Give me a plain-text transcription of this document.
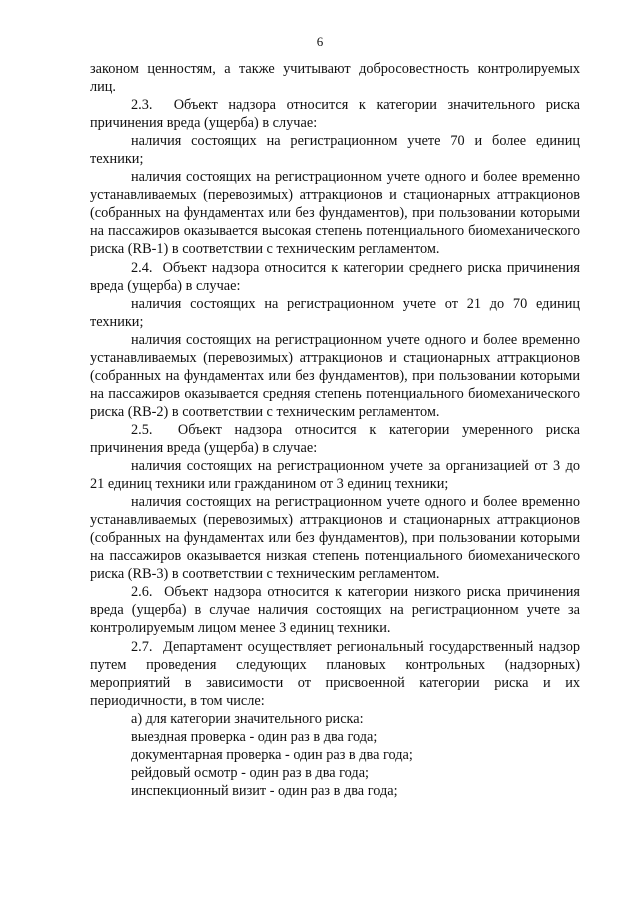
6

законом ценностям, а также учитывают добросовестность контролируемых лиц.

2.3.  Объект надзора относится к категории значительного риска причинения вреда (ущерба) в случае:

наличия состоящих на регистрационном учете 70 и более единиц техники;

наличия состоящих на регистрационном учете одного и более временно устанавливаемых (перевозимых) аттракционов и стационарных аттракционов (собранных на фундаментах или без фундаментов), при пользовании которыми на пассажиров оказывается высокая степень потенциального биомеханического риска (RB-1) в соответствии с техническим регламентом.

2.4.  Объект надзора относится к категории среднего риска причинения вреда (ущерба) в случае:

наличия состоящих на регистрационном учете от 21 до 70 единиц техники;

наличия состоящих на регистрационном учете одного и более временно устанавливаемых (перевозимых) аттракционов и стационарных аттракционов (собранных на фундаментах или без фундаментов), при пользовании которыми на пассажиров оказывается средняя степень потенциального биомеханического риска (RB-2) в соответствии с техническим регламентом.

2.5.  Объект надзора относится к категории умеренного риска причинения вреда (ущерба) в случае:

наличия состоящих на регистрационном учете за организацией от 3 до 21 единиц техники или гражданином от 3 единиц техники;

наличия состоящих на регистрационном учете одного и более временно устанавливаемых (перевозимых) аттракционов и стационарных аттракционов (собранных на фундаментах или без фундаментов), при пользовании которыми на пассажиров оказывается низкая степень потенциального биомеханического риска (RB-3) в соответствии с техническим регламентом.

2.6.  Объект надзора относится к категории низкого риска причинения вреда (ущерба) в случае наличия состоящих на регистрационном учете за контролируемым лицом менее 3 единиц техники.

2.7.  Департамент осуществляет региональный государственный надзор путем проведения следующих плановых контрольных (надзорных) мероприятий в зависимости от присвоенной категории риска и их периодичности, в том числе:

а) для категории значительного риска:

выездная проверка - один раз в два года;

документарная проверка - один раз в два года;

рейдовый осмотр - один раз в два года;

инспекционный визит - один раз в два года;
